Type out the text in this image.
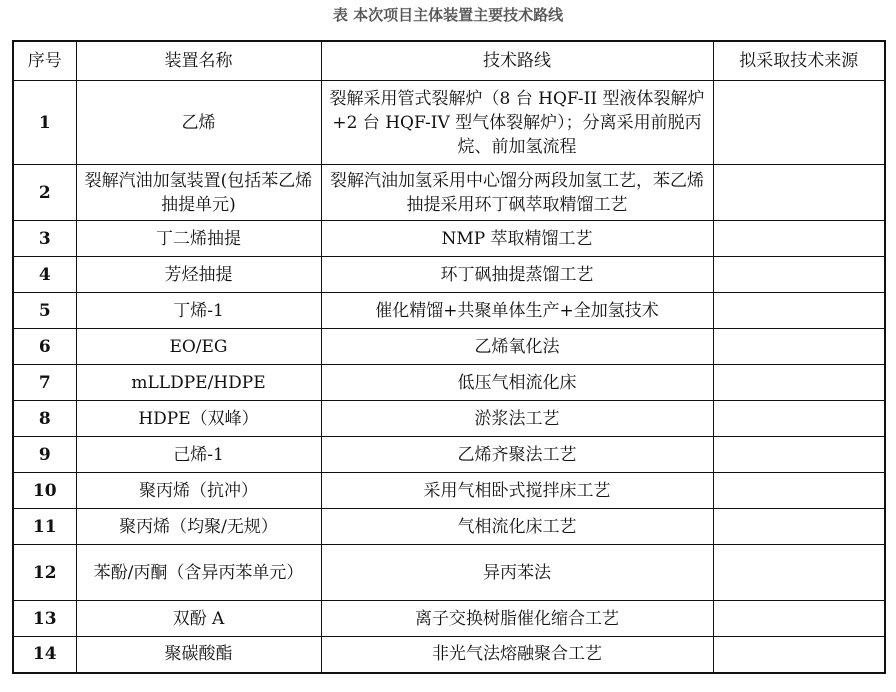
表 本次项目主体装置主要技术路线
序号	装置名称	技术路线	拟采取技术来源
1	乙烯	裂解采用管式裂解炉（8 台 HQF-II 型液体裂解炉+2 台 HQF-IV 型气体裂解炉）；分离采用前脱丙烷、前加氢流程	
2	裂解汽油加氢装置(包括苯乙烯抽提单元)	裂解汽油加氢采用中心馏分两段加氢工艺，苯乙烯抽提采用环丁砜萃取精馏工艺	
3	丁二烯抽提	NMP 萃取精馏工艺	
4	芳烃抽提	环丁砜抽提蒸馏工艺	
5	丁烯-1	催化精馏+共聚单体生产+全加氢技术	
6	EO/EG	乙烯氧化法	
7	mLLDPE/HDPE	低压气相流化床	
8	HDPE（双峰）	淤浆法工艺	
9	己烯-1	乙烯齐聚法工艺	
10	聚丙烯（抗冲）	采用气相卧式搅拌床工艺	
11	聚丙烯（均聚/无规）	气相流化床工艺	
12	苯酚/丙酮（含异丙苯单元）	异丙苯法	
13	双酚 A	离子交换树脂催化缩合工艺	
14	聚碳酸酯	非光气法熔融聚合工艺	
